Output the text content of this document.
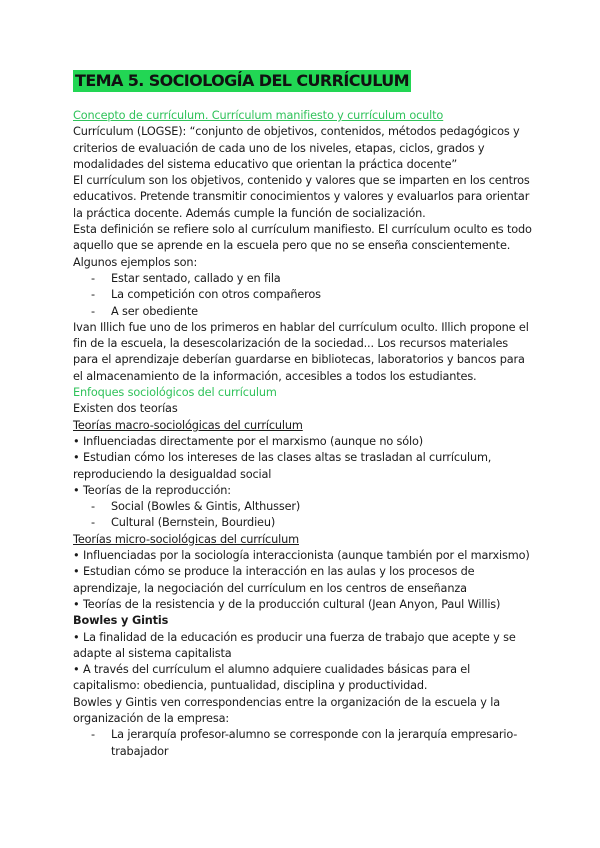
TEMA 5. SOCIOLOGÍA DEL CURRÍCULUM
Concepto de currículum. Currículum manifiesto y currículum oculto
Currículum (LOGSE): “conjunto de objetivos, contenidos, métodos pedagógicos y criterios de evaluación de cada uno de los niveles, etapas, ciclos, grados y modalidades del sistema educativo que orientan la práctica docente”
El currículum son los objetivos, contenido y valores que se imparten en los centros educativos. Pretende transmitir conocimientos y valores y evaluarlos para orientar la práctica docente. Además cumple la función de socialización.
Esta definición se refiere solo al currículum manifiesto. El currículum oculto es todo aquello que se aprende en la escuela pero que no se enseña conscientemente. Algunos ejemplos son:
- Estar sentado, callado y en fila
- La competición con otros compañeros
- A ser obediente
Ivan Illich fue uno de los primeros en hablar del currículum oculto. Illich propone el fin de la escuela, la desescolarización de la sociedad... Los recursos materiales para el aprendizaje deberían guardarse en bibliotecas, laboratorios y bancos para el almacenamiento de la información, accesibles a todos los estudiantes.
Enfoques sociológicos del currículum
Existen dos teorías
Teorías macro-sociológicas del currículum
• Influenciadas directamente por el marxismo (aunque no sólo)
• Estudian cómo los intereses de las clases altas se trasladan al currículum, reproduciendo la desigualdad social
• Teorías de la reproducción:
- Social (Bowles & Gintis, Althusser)
- Cultural (Bernstein, Bourdieu)
Teorías micro-sociológicas del currículum
• Influenciadas por la sociología interaccionista (aunque también por el marxismo)
• Estudian cómo se produce la interacción en las aulas y los procesos de aprendizaje, la negociación del currículum en los centros de enseñanza
• Teorías de la resistencia y de la producción cultural (Jean Anyon, Paul Willis)
Bowles y Gintis
• La finalidad de la educación es producir una fuerza de trabajo que acepte y se adapte al sistema capitalista
• A través del currículum el alumno adquiere cualidades básicas para el capitalismo: obediencia, puntualidad, disciplina y productividad.
Bowles y Gintis ven correspondencias entre la organización de la escuela y la organización de la empresa:
- La jerarquía profesor-alumno se corresponde con la jerarquía empresario-trabajador
